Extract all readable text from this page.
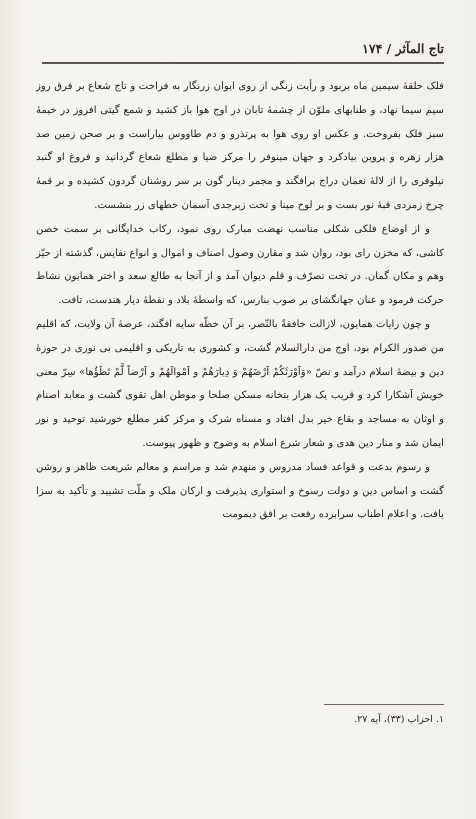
تاج المآثر / ۱۷۴

فلک حلقهٔ سیمین ماه بربود و رأیت زنگی از روی ایوان زرنگار به فراخت و تاج شعاع بر فرق روز سیم سیما نهاد، و طنابهای ملوّن از چشمهٔ تابان در اوج هوا باز کشید و شمع گیتی افروز در خیمهٔ سبز فلک بفروخت. و عکس او روی هوا به پرتذرو و دم طاووس بیاراست و بر صحن زمین صد هزار زهره و پروین بیادکرد و جهان مینوفر را مرکز ضیا و مطلع شعاع گردانید و فروغ او گنبد نیلوفری را از لالهٔ نعمان دراج برافگند و مجمر دینار گون بر سر روشنان گردون کشیده و بر قمهٔ چرخ زمردی قبهٔ نور بست و بر لوح مینا و تخت زبرجدی آسمان خطهای زر بنشست.

و از اوضاع فلکی شکلی مناسب نهضت مبارک روی نمود، رکاب خدایگانی بر سمت حصن کاشی، که مخزن رای بود، روان شد و مقارن وصول اصناف و اموال و انواع نفایس، گذشته از حیّز وهم و مکان گمان. در تحت تصرّف و قلم دیوان آمد و از آنجا به طالع سعد و اختر همایون نشاط حرکت فرمود و عنان جهانگشای بر صوب بنارس، که واسطهٔ بلاد و نقطهٔ دیار هندست، تافت.

و چون رایات همایون، لازالت خافقةً بالنّصر، بر آن خطّه سایه افگند، عرصهٔ آن ولایت، که اقلیم من صدور الکرام بود، اوج من دارالسلام گشت، و کشوری به تاریکی و اقلیمی بی نوری در حوزهٔ دین و بیضهٔ اسلام درآمد و نصّ «وَاَوْرَثَکُمْ اَرْضَهُمْ وَ دِیارَهُمْ و اَمْوالَهُمْ و اَرْضاً لَّمْ تَطَؤُها» سِرّ معنی خویش آشکارا کرد و قریب یک هزار بتخانه مسکن صلحا و موطن اهل تقوی گشت و معابد اصنام و اوثان به مساجد و بقاع خیر بدل افتاد و مسناه شرک و مرکز کفر مطلع خورشید توحید و نور ایمان شد و منار دین هدی و شعار شرع اسلام به وضوح و ظهور پیوست.

و رسوم بدعت و قواعد فساد مدروس و منهدم شد و مراسم و معالم شریعت ظاهر و روشن گشت و اساس دین و دولت رسوخ و استواری پذیرفت و ارکان ملک و ملّت تشیید و تأکید به سزا یافت. و اعلام اطناب سرابرده رفعت بر افق دیمومت

۱. احزاب (۳۳)، آیه ۲۷.
